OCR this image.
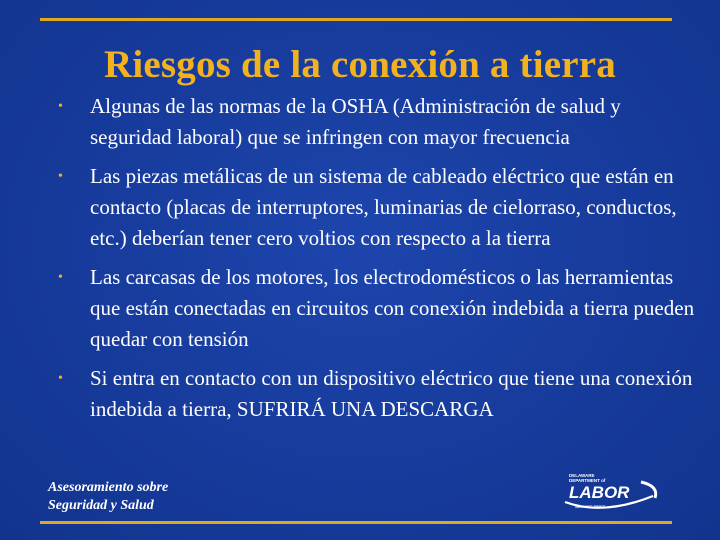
Riesgos de la conexión a tierra
• Algunas de las normas de la OSHA (Administración de salud y seguridad laboral) que se infringen con mayor frecuencia
• Las piezas metálicas de un sistema de cableado eléctrico que están en contacto (placas de interruptores, luminarias de cielorraso, conductos, etc.) deberían tener cero voltios con respecto a la tierra
• Las carcasas de los motores, los electrodomésticos o las herramientas que están conectadas en circuitos con conexión indebida a tierra pueden quedar con tensión
• Si entra en contacto con un dispositivo eléctrico que tiene una conexión indebida a tierra, SUFRIRÁ UNA DESCARGA
Asesoramiento sobre
Seguridad y Salud
DELAWARE
DEPARTMENT of
LABOR
SERVICE FIRST
